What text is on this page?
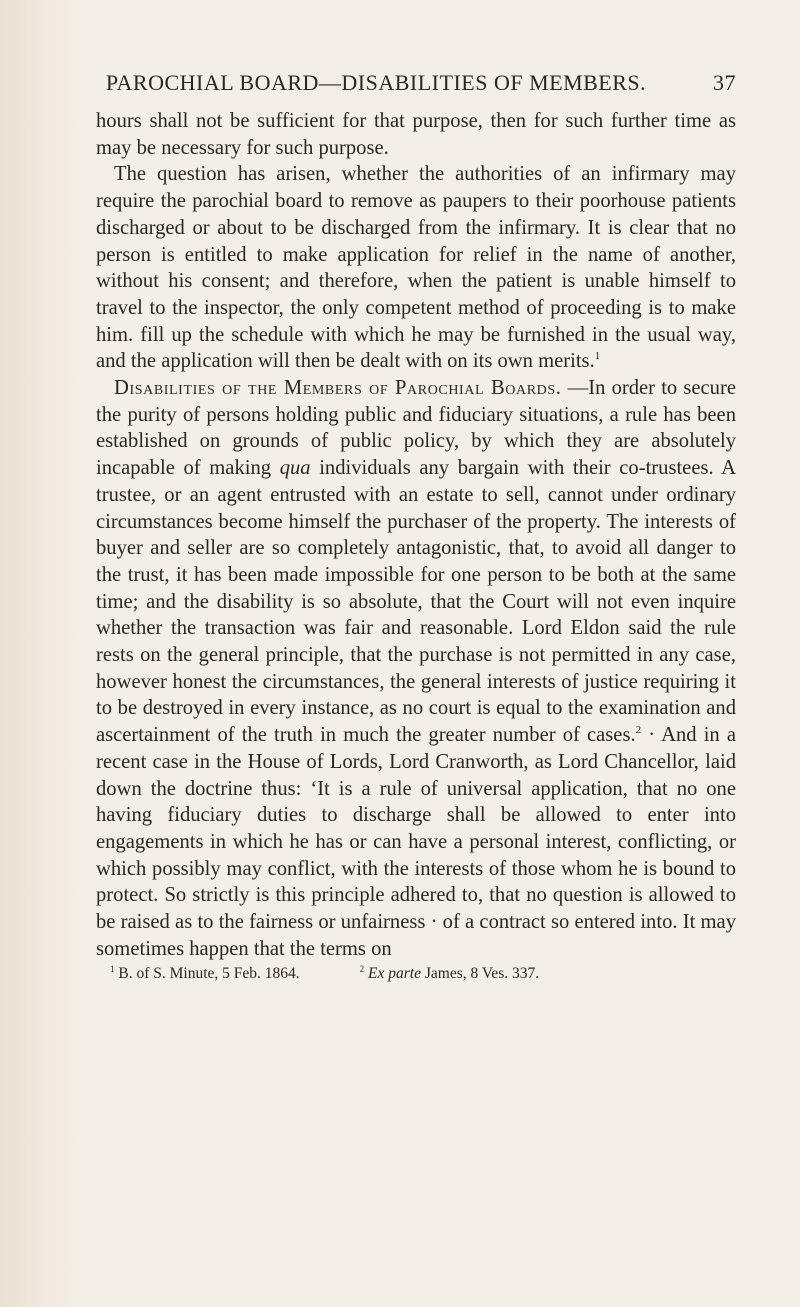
PAROCHIAL BOARD—DISABILITIES OF MEMBERS.	37

hours shall not be sufficient for that purpose, then for such further time as may be necessary for such purpose.

The question has arisen, whether the authorities of an infirmary may require the parochial board to remove as paupers to their poorhouse patients discharged or about to be discharged from the infirmary. It is clear that no person is entitled to make application for relief in the name of another, without his consent; and therefore, when the patient is unable himself to travel to the inspector, the only competent method of proceeding is to make him. fill up the schedule with which he may be furnished in the usual way, and the application will then be dealt with on its own merits.$^1$

Disabilities of the Members of Parochial Boards. —In order to secure the purity of persons holding public and fiduciary situations, a rule has been established on grounds of public policy, by which they are absolutely incapable of making qua individuals any bargain with their co-trustees. A trustee, or an agent entrusted with an estate to sell, cannot under ordinary circumstances become himself the purchaser of the property. The interests of buyer and seller are so completely antagonistic, that, to avoid all danger to the trust, it has been made impossible for one person to be both at the same time; and the disability is so absolute, that the Court will not even inquire whether the transaction was fair and reasonable. Lord Eldon said the rule rests on the general principle, that the purchase is not permitted in any case, however honest the circumstances, the general interests of justice requiring it to be destroyed in every instance, as no court is equal to the examination and ascertainment of the truth in much the greater number of cases.$^2$ · And in a recent case in the House of Lords, Lord Cranworth, as Lord Chancellor, laid down the doctrine thus: ‘It is a rule of universal application, that no one having fiduciary duties to discharge shall be allowed to enter into engagements in which he has or can have a personal interest, conflicting, or which possibly may conflict, with the interests of those whom he is bound to protect. So strictly is this principle adhered to, that no question is allowed to be raised as to the fairness or unfairness · of a contract so entered into. It may sometimes happen that the terms on

$^1$ B. of S. Minute, 5 Feb. 1864.	$^2$ Ex parte James, 8 Ves. 337.
